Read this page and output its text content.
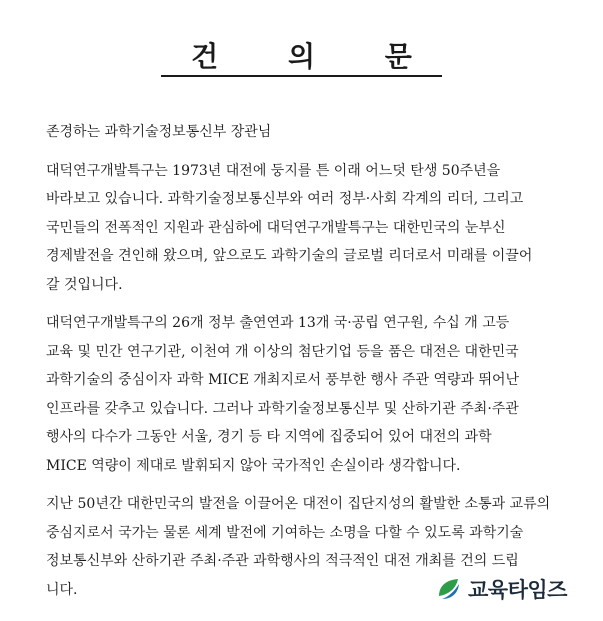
건 의 문
존경하는 과학기술정보통신부 장관님
대덕연구개발특구는 1973년 대전에 둥지를 튼 이래 어느덧 탄생 50주년을
바라보고 있습니다. 과학기술정보통신부와 여러 정부·사회 각계의 리더, 그리고
국민들의 전폭적인 지원과 관심하에 대덕연구개발특구는 대한민국의 눈부신
경제발전을 견인해 왔으며, 앞으로도 과학기술의 글로벌 리더로서 미래를 이끌어
갈 것입니다.
대덕연구개발특구의 26개 정부 출연연과 13개 국·공립 연구원, 수십 개 고등
교육 및 민간 연구기관, 이천여 개 이상의 첨단기업 등을 품은 대전은 대한민국
과학기술의 중심이자 과학 MICE 개최지로서 풍부한 행사 주관 역량과 뛰어난
인프라를 갖추고 있습니다. 그러나 과학기술정보통신부 및 산하기관 주최·주관
행사의 다수가 그동안 서울, 경기 등 타 지역에 집중되어 있어 대전의 과학
MICE 역량이 제대로 발휘되지 않아 국가적인 손실이라 생각합니다.
지난 50년간 대한민국의 발전을 이끌어온 대전이 집단지성의 활발한 소통과 교류의
중심지로서 국가는 물론 세계 발전에 기여하는 소명을 다할 수 있도록 과학기술
정보통신부와 산하기관 주최·주관 과학행사의 적극적인 대전 개최를 건의 드립
니다.	교육타임즈
